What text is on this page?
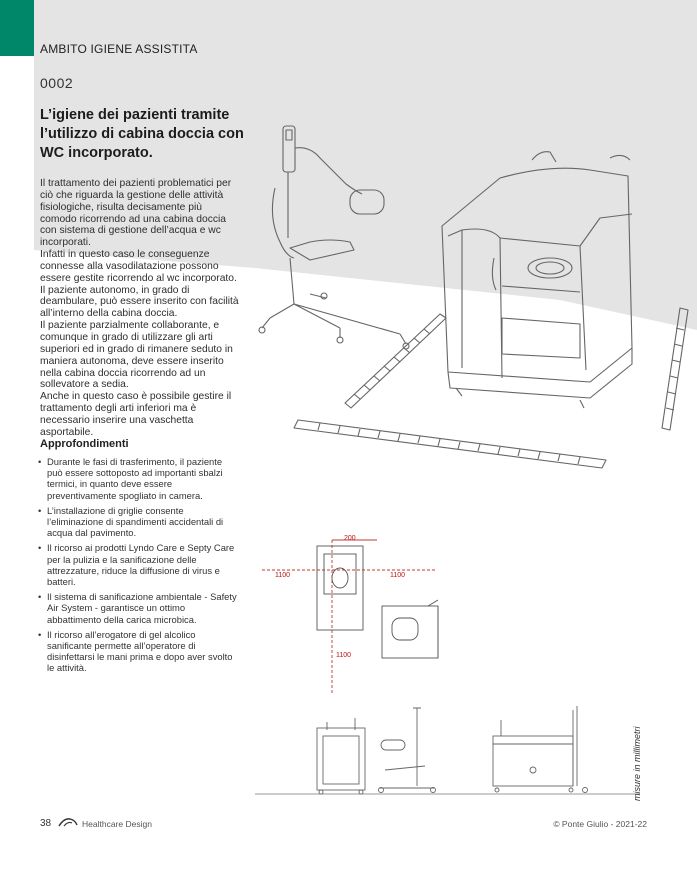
AMBITO IGIENE ASSISTITA
0002
L’igiene dei pazienti tramite l’utilizzo di cabina doccia con WC incorporato.

Il trattamento dei pazienti problematici per ciò che riguarda la gestione delle attività fisiologiche, risulta decisamente più comodo ricorrendo ad una cabina doccia con sistema di gestione dell’acqua e wc incorporati.

Infatti in questo caso le conseguenze connesse alla vasodilatazione possono essere gestite ricorrendo al wc incorporato.

Il paziente autonomo, in grado di deambulare, può essere inserito con facilità all’interno della cabina doccia.

Il paziente parzialmente collaborante, e comunque in grado di utilizzare gli arti superiori ed in grado di rimanere seduto in maniera autonoma, deve essere inserito nella cabina doccia ricorrendo ad un sollevatore a sedia.

Anche in questo caso è possibile gestire il trattamento degli arti inferiori ma è necessario inserire una vaschetta asportabile.

Approfondimenti
• Durante le fasi di trasferimento, il paziente può essere sottoposto ad importanti sbalzi termici, in quanto deve essere preventivamente spogliato in camera.
• L’installazione di griglie consente l’eliminazione di spandimenti accidentali di acqua dal pavimento.
• Il ricorso ai prodotti Lyndo Care e Septy Care per la pulizia e la sanificazione delle attrezzature, riduce la diffusione di virus e batteri.
• Il sistema di sanificazione ambientale - Safety Air System - garantisce un ottimo abbattimento della carica microbica.
• Il ricorso all’erogatore di gel alcolico sanificante permette all’operatore di disinfettarsi le mani prima e dopo aver svolto le attività.
200
1100	1100
1100
misure in millimetri
38	Healthcare Design	© Ponte Giulio - 2021-22
